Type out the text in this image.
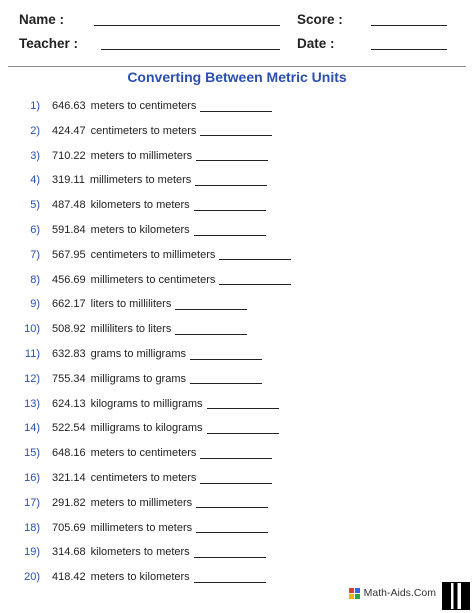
Name :	Score :
Teacher :	Date :
Converting Between Metric Units
1) 646.63 meters to centimeters
2) 424.47 centimeters to meters
3) 710.22 meters to millimeters
4) 319.11 millimeters to meters
5) 487.48 kilometers to meters
6) 591.84 meters to kilometers
7) 567.95 centimeters to millimeters
8) 456.69 millimeters to centimeters
9) 662.17 liters to milliliters
10) 508.92 milliliters to liters
11) 632.83 grams to milligrams
12) 755.34 milligrams to grams
13) 624.13 kilograms to milligrams
14) 522.54 milligrams to kilograms
15) 648.16 meters to centimeters
16) 321.14 centimeters to meters
17) 291.82 meters to millimeters
18) 705.69 millimeters to meters
19) 314.68 kilometers to meters
20) 418.42 meters to kilometers
Math-Aids.Com
